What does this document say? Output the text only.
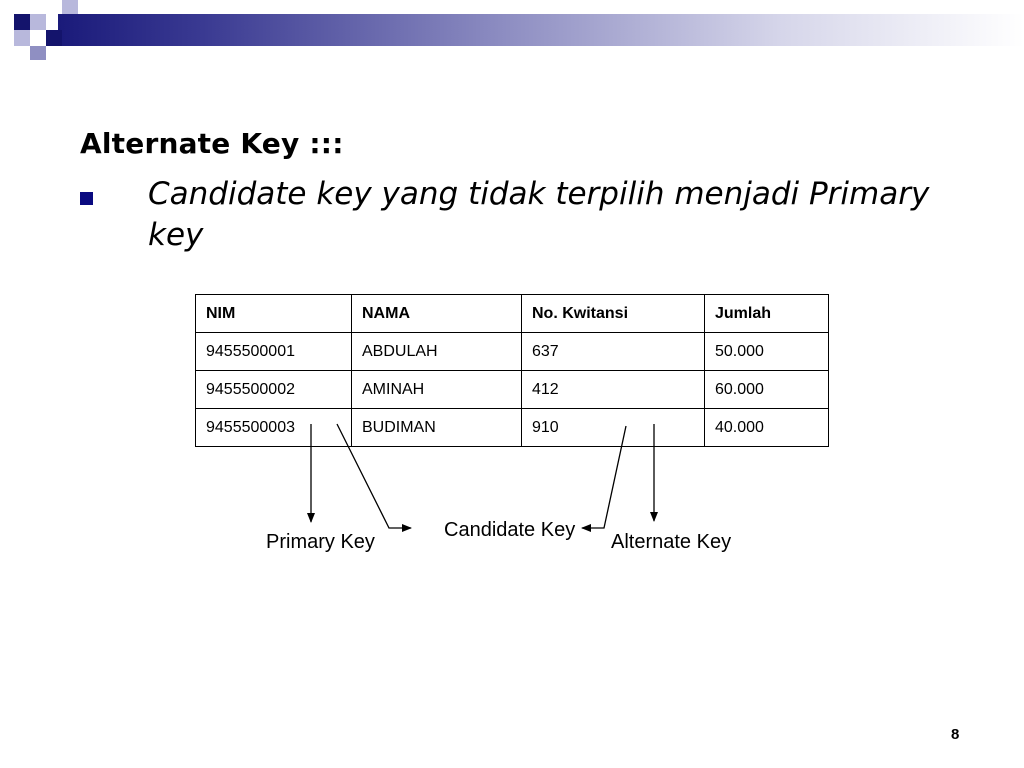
Alternate Key :::
Candidate key yang tidak terpilih menjadi Primary key
NIM	NAMA	No. Kwitansi	Jumlah
9455500001	ABDULAH	637	50.000
9455500002	AMINAH	412	60.000
9455500003	BUDIMAN	910	40.000
Primary Key
Candidate Key
Alternate Key
8
